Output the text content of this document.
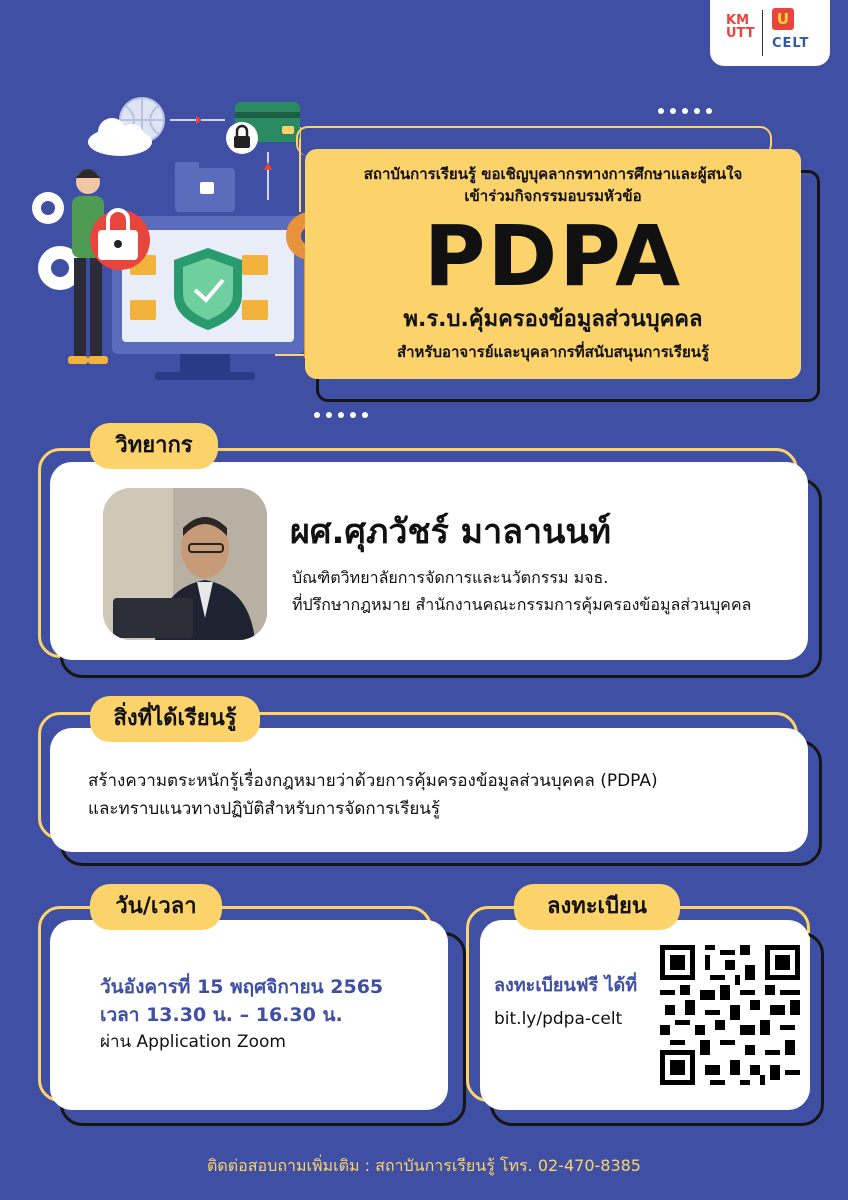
KM
UTT
U
CELT
สถาบันการเรียนรู้ ขอเชิญบุคลากรทางการศึกษาและผู้สนใจ
เข้าร่วมกิจกรรมอบรมหัวข้อ
PDPA
พ.ร.บ.คุ้มครองข้อมูลส่วนบุคคล
สำหรับอาจารย์และบุคลากรที่สนับสนุนการเรียนรู้
วิทยากร
ผศ.ศุภวัชร์ มาลานนท์
บัณฑิตวิทยาลัยการจัดการและนวัตกรรม มจธ.
ที่ปรึกษากฎหมาย สำนักงานคณะกรรมการคุ้มครองข้อมูลส่วนบุคคล
สิ่งที่ได้เรียนรู้
สร้างความตระหนักรู้เรื่องกฎหมายว่าด้วยการคุ้มครองข้อมูลส่วนบุคคล (PDPA)
และทราบแนวทางปฏิบัติสำหรับการจัดการเรียนรู้
วัน/เวลา
วันอังคารที่ 15 พฤศจิกายน 2565
เวลา 13.30 น. – 16.30 น.
ผ่าน Application Zoom
ลงทะเบียน
ลงทะเบียนฟรี ได้ที่
bit.ly/pdpa-celt
ติดต่อสอบถามเพิ่มเติม : สถาบันการเรียนรู้ โทร. 02-470-8385
